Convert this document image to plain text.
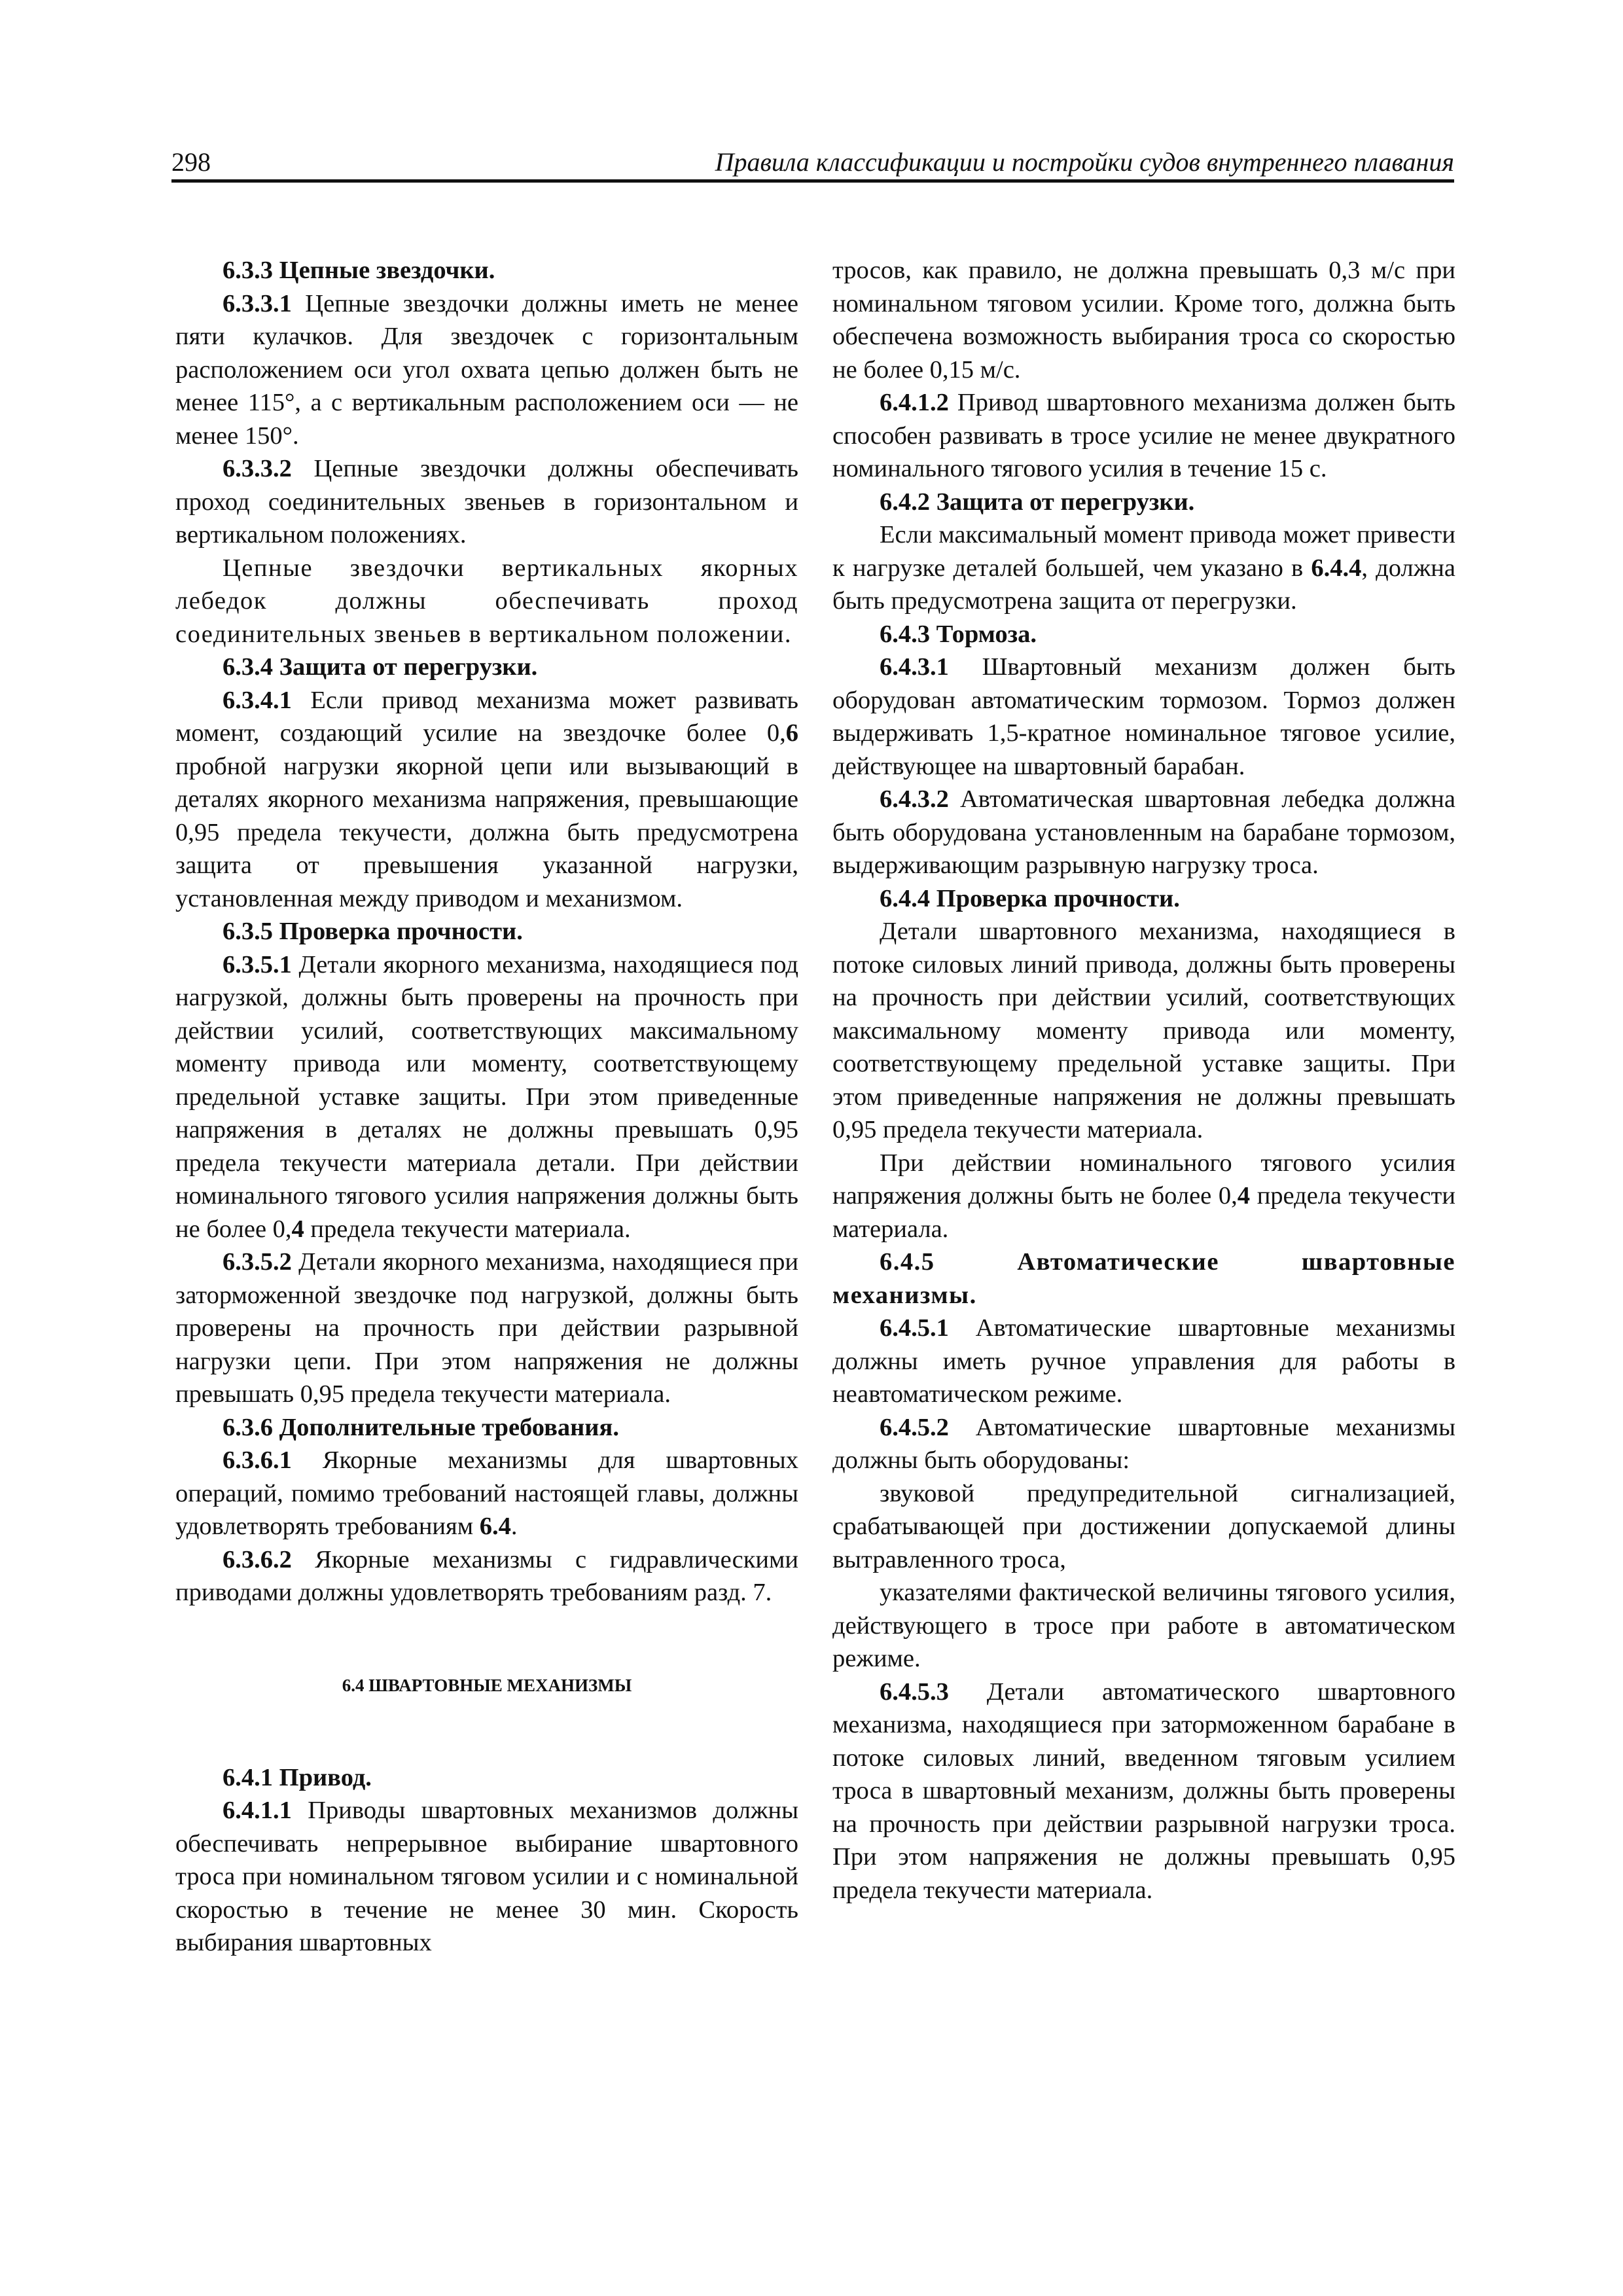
298	Правила классификации и постройки судов внутреннего плавания

6.3.3 Цепные звездочки.

6.3.3.1 Цепные звездочки должны иметь не менее пяти кулачков. Для звездочек с горизонтальным расположением оси угол охвата цепью должен быть не менее 115°, а с вертикальным расположением оси — не менее 150°.

6.3.3.2 Цепные звездочки должны обеспечивать проход соединительных звеньев в горизонтальном и вертикальном положениях.

Цепные звездочки вертикальных якорных лебедок должны обеспечивать проход соединительных звеньев в вертикальном положении.

6.3.4 Защита от перегрузки.

6.3.4.1 Если привод механизма может развивать момент, создающий усилие на звездочке более 0,6 пробной нагрузки якорной цепи или вызывающий в деталях якорного механизма напряжения, превышающие 0,95 предела текучести, должна быть предусмотрена защита от превышения указанной нагрузки, установленная между приводом и механизмом.

6.3.5 Проверка прочности.

6.3.5.1 Детали якорного механизма, находящиеся под нагрузкой, должны быть проверены на прочность при действии усилий, соответствующих максимальному моменту привода или моменту, соответствующему предельной уставке защиты. При этом приведенные напряжения в деталях не должны превышать 0,95 предела текучести материала детали. При действии номинального тягового усилия напряжения должны быть не более 0,4 предела текучести материала.

6.3.5.2 Детали якорного механизма, находящиеся при заторможенной звездочке под нагрузкой, должны быть проверены на прочность при действии разрывной нагрузки цепи. При этом напряжения не должны превышать 0,95 предела текучести материала.

6.3.6 Дополнительные требования.

6.3.6.1 Якорные механизмы для швартовных операций, помимо требований настоящей главы, должны удовлетворять требованиям 6.4.

6.3.6.2 Якорные механизмы с гидравлическими приводами должны удовлетворять требованиям разд. 7.

6.4 ШВАРТОВНЫЕ МЕХАНИЗМЫ

6.4.1 Привод.

6.4.1.1 Приводы швартовных механизмов должны обеспечивать непрерывное выбирание швартовного троса при номинальном тяговом усилии и с номинальной скоростью в течение не менее 30 мин. Скорость выбирания швартовных

тросов, как правило, не должна превышать 0,3 м/с при номинальном тяговом усилии. Кроме того, должна быть обеспечена возможность выбирания троса со скоростью не более 0,15 м/с.

6.4.1.2 Привод швартовного механизма должен быть способен развивать в тросе усилие не менее двукратного номинального тягового усилия в течение 15 с.

6.4.2 Защита от перегрузки.

Если максимальный момент привода может привести к нагрузке деталей большей, чем указано в 6.4.4, должна быть предусмотрена защита от перегрузки.

6.4.3 Тормоза.

6.4.3.1 Швартовный механизм должен быть оборудован автоматическим тормозом. Тормоз должен выдерживать 1,5-кратное номинальное тяговое усилие, действующее на швартовный барабан.

6.4.3.2 Автоматическая швартовная лебедка должна быть оборудована установленным на барабане тормозом, выдерживающим разрывную нагрузку троса.

6.4.4 Проверка прочности.

Детали швартовного механизма, находящиеся в потоке силовых линий привода, должны быть проверены на прочность при действии усилий, соответствующих максимальному моменту привода или моменту, соответствующему предельной уставке защиты. При этом приведенные напряжения не должны превышать 0,95 предела текучести материала.

При действии номинального тягового усилия напряжения должны быть не более 0,4 предела текучести материала.

6.4.5 Автоматические швартовные механизмы.

6.4.5.1 Автоматические швартовные механизмы должны иметь ручное управления для работы в неавтоматическом режиме.

6.4.5.2 Автоматические швартовные механизмы должны быть оборудованы:

звуковой предупредительной сигнализацией, срабатывающей при достижении допускаемой длины вытравленного троса,

указателями фактической величины тягового усилия, действующего в тросе при работе в автоматическом режиме.

6.4.5.3 Детали автоматического швартовного механизма, находящиеся при заторможенном барабане в потоке силовых линий, введенном тяговым усилием троса в швартовный механизм, должны быть проверены на прочность при действии разрывной нагрузки троса. При этом напряжения не должны превышать 0,95 предела текучести материала.
